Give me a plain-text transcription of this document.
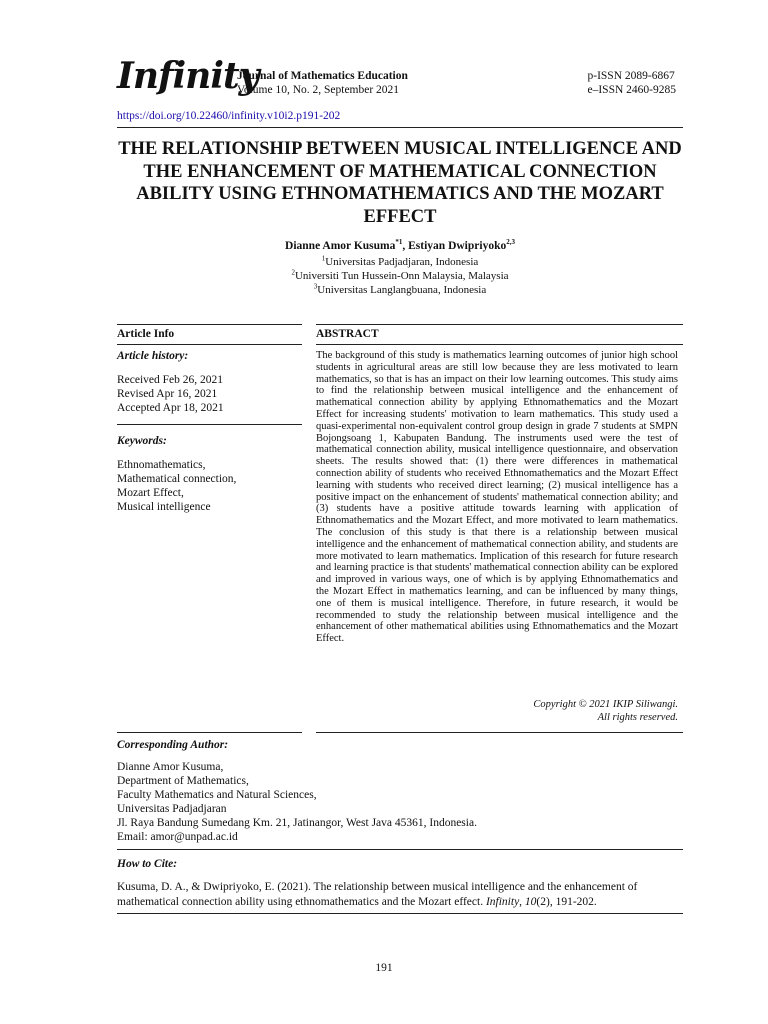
Infinity
Journal of Mathematics Education
Volume 10, No. 2, September 2021
p-ISSN 2089-6867
e–ISSN 2460-9285
https://doi.org/10.22460/infinity.v10i2.p191-202
THE RELATIONSHIP BETWEEN MUSICAL INTELLIGENCE AND THE ENHANCEMENT OF MATHEMATICAL CONNECTION ABILITY USING ETHNOMATHEMATICS AND THE MOZART EFFECT
Dianne Amor Kusuma$^{*1}$, Estiyan Dwipriyoko$^{2,3}$
$^1$Universitas Padjadjaran, Indonesia
$^2$Universiti Tun Hussein-Onn Malaysia, Malaysia
$^3$Universitas Langlangbuana, Indonesia
Article Info
Article history:
Received Feb 26, 2021
Revised Apr 16, 2021
Accepted Apr 18, 2021
Keywords:
Ethnomathematics,
Mathematical connection,
Mozart Effect,
Musical intelligence
ABSTRACT
The background of this study is mathematics learning outcomes of junior high school students in agricultural areas are still low because they are less motivated to learn mathematics, so that is has an impact on their low learning outcomes. This study aims to find the relationship between musical intelligence and the enhancement of mathematical connection ability by applying Ethnomathematics and the Mozart Effect for increasing students' motivation to learn mathematics. This study used a quasi-experimental non-equivalent control group design in grade 7 students at SMPN Bojongsoang 1, Kabupaten Bandung. The instruments used were the test of mathematical connection ability, musical intelligence questionnaire, and observation sheets. The results showed that: (1) there were differences in mathematical connection ability of students who received Ethnomathematics and the Mozart Effect learning with students who received direct learning; (2) musical intelligence has a positive impact on the enhancement of students' mathematical connection ability; and (3) students have a positive attitude towards learning with application of Ethnomathematics and the Mozart Effect, and more motivated to learn mathematics. The conclusion of this study is that there is a relationship between musical intelligence and the enhancement of mathematical connection ability, and students are more motivated to learn mathematics. Implication of this research for future research and learning practice is that students' mathematical connection ability can be explored and improved in various ways, one of which is by applying Ethnomathematics and the Mozart Effect in mathematics learning, and can be influenced by many things, one of them is musical intelligence. Therefore, in future research, it would be recommended to study the relationship between musical intelligence and the enhancement of other mathematical abilities using Ethnomathematics and the Mozart Effect.
Copyright © 2021 IKIP Siliwangi.
All rights reserved.
Corresponding Author:
Dianne Amor Kusuma,
Department of Mathematics,
Faculty Mathematics and Natural Sciences,
Universitas Padjadjaran
Jl. Raya Bandung Sumedang Km. 21, Jatinangor, West Java 45361, Indonesia.
Email: amor@unpad.ac.id
How to Cite:
Kusuma, D. A., & Dwipriyoko, E. (2021). The relationship between musical intelligence and the enhancement of mathematical connection ability using ethnomathematics and the Mozart effect. Infinity, 10(2), 191-202.
191
